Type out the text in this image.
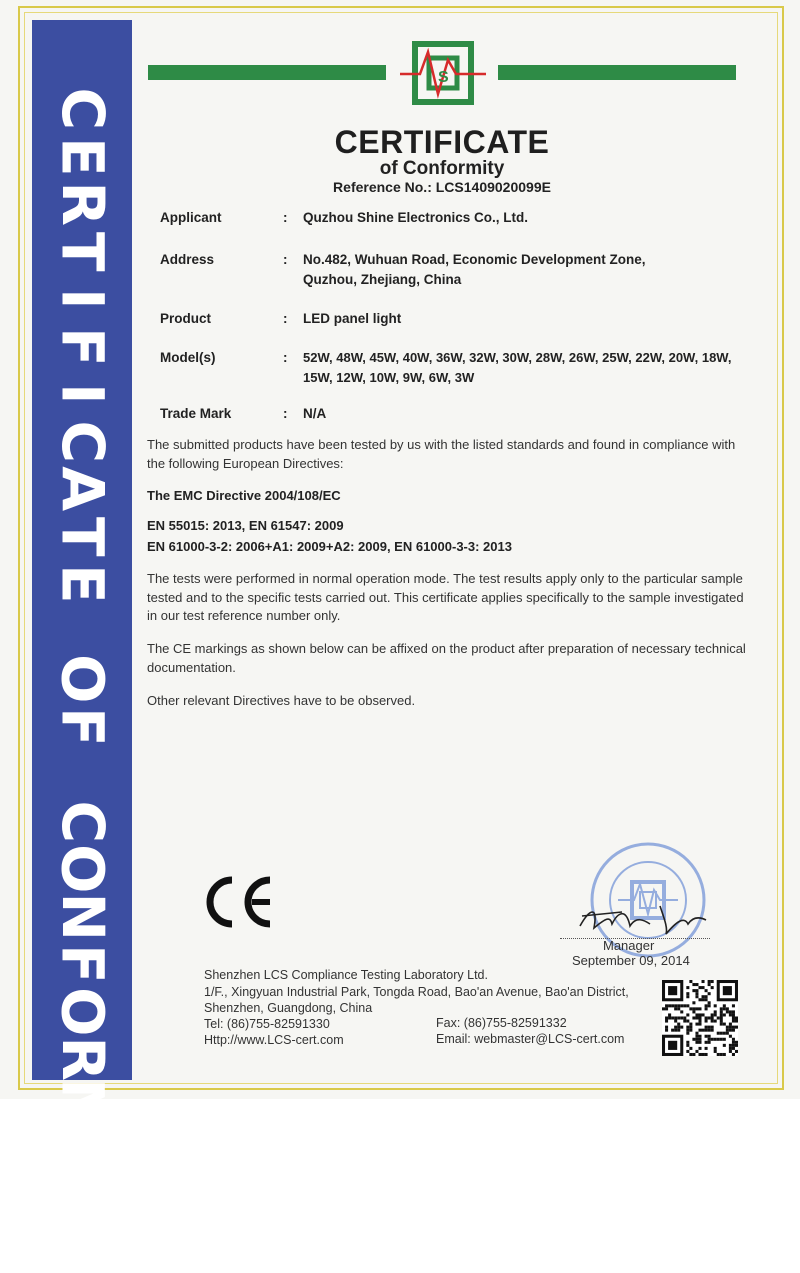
C
E
R
T
I
F
I
C
A
T
E
O
F
C
O
N
F
O
R
M
I
T
Y
S
CERTIFICATE
of Conformity
Reference No.: LCS1409020099E
Applicant	: Quzhou Shine Electronics Co., Ltd.
Address	: No.482, Wuhuan Road, Economic Development Zone, Quzhou, Zhejiang, China
Product	: LED panel light
Model(s)	: 52W, 48W, 45W, 40W, 36W, 32W, 30W, 28W, 26W, 25W, 22W, 20W, 18W, 15W, 12W, 10W, 9W, 6W, 3W
Trade Mark	: N/A
The submitted products have been tested by us with the listed standards and found in compliance with the following European Directives:
The EMC Directive 2004/108/EC
EN 55015: 2013, EN 61547: 2009
EN 61000-3-2: 2006+A1: 2009+A2: 2009, EN 61000-3-3: 2013
The tests were performed in normal operation mode. The test results apply only to the particular sample tested and to the specific tests carried out. This certificate applies specifically to the sample investigated in our test reference number only.
The CE markings as shown below can be affixed on the product after preparation of necessary technical documentation.
Other relevant Directives have to be observed.
Manager
September 09, 2014
Shenzhen LCS Compliance Testing Laboratory Ltd.
1/F., Xingyuan Industrial Park, Tongda Road, Bao'an Avenue, Bao'an District,
Shenzhen, Guangdong, China
Tel: (86)755-82591330	Fax: (86)755-82591332
Http://www.LCS-cert.com	Email: webmaster@LCS-cert.com
